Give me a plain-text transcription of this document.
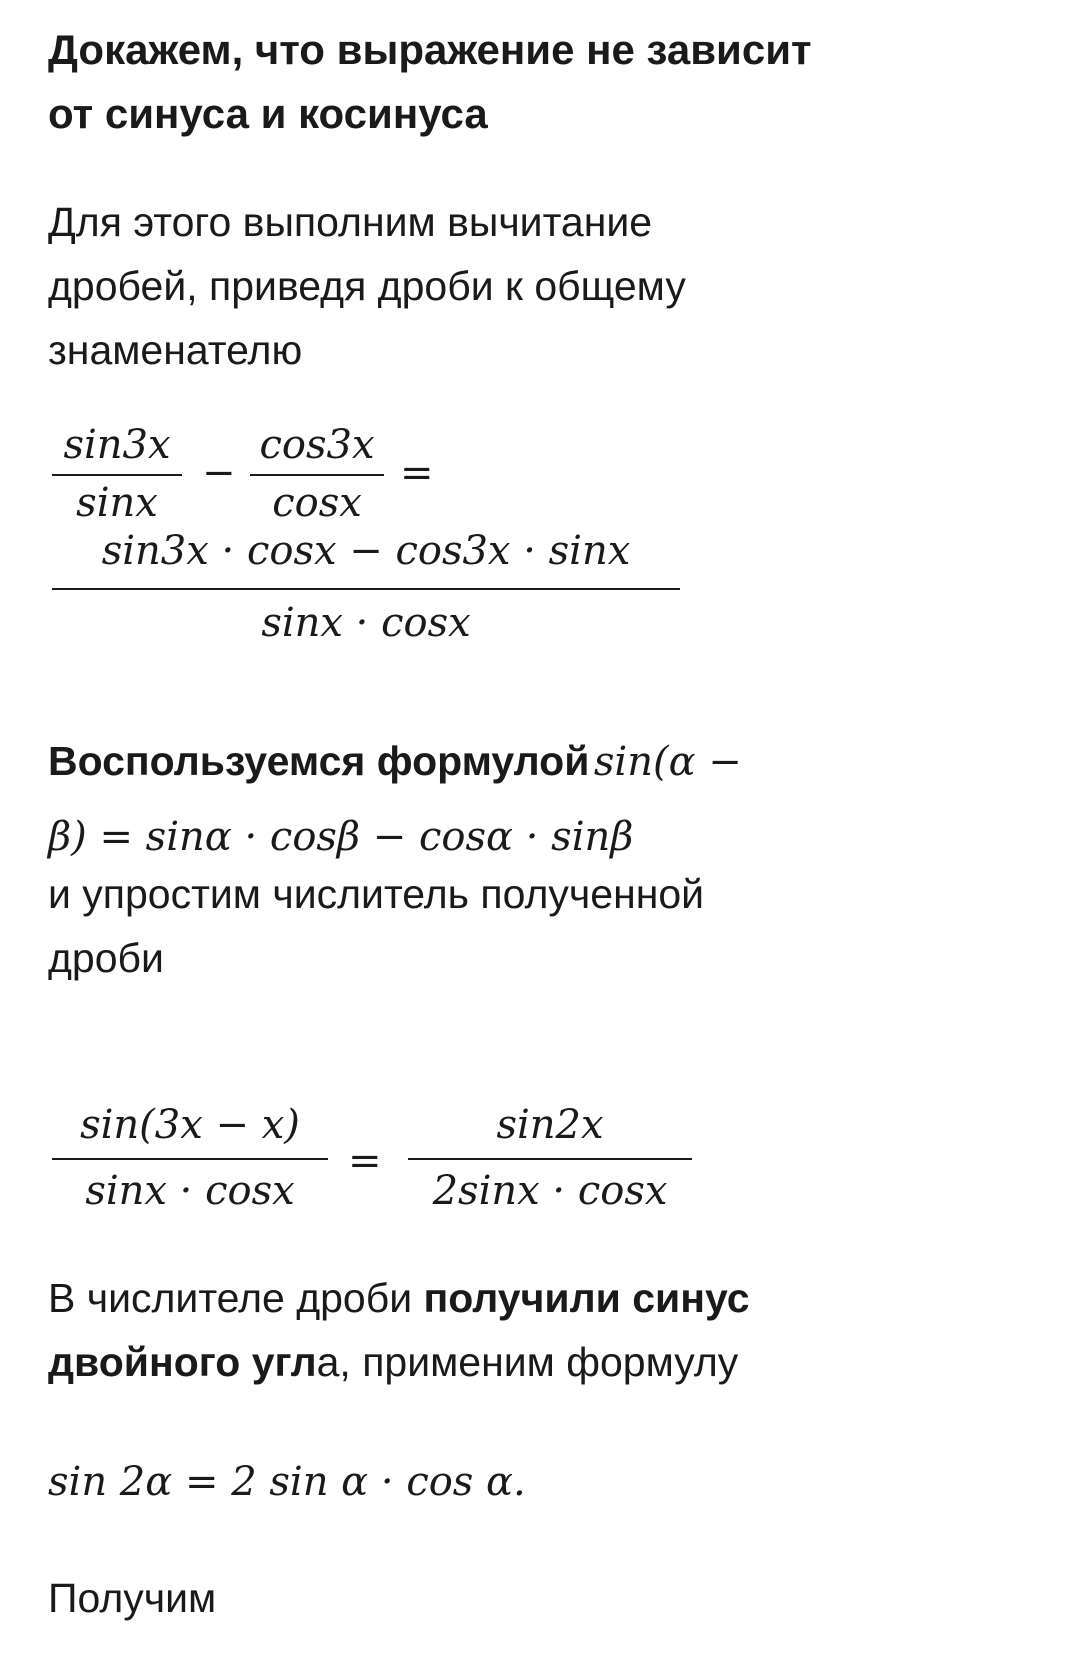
Докажем, что выражение не зависит
от синуса и косинуса
Для этого выполним вычитание
дробей, приведя дроби к общему
знаменателю
sin3x
sinx
−
cos3x
cosx
=
sin3x · cosx − cos3x · sinx
sinx · cosx
Воспользуемся формулой sin(α −
β) = sinα · cosβ − cosα · sinβ
и упростим числитель полученной
дроби
sin(3x − x)
sinx · cosx
=
sin2x
2sinx · cosx
В числителе дроби получили синус
двойного угла, применим формулу
sin 2α = 2 sin α · cos α.
Получим
